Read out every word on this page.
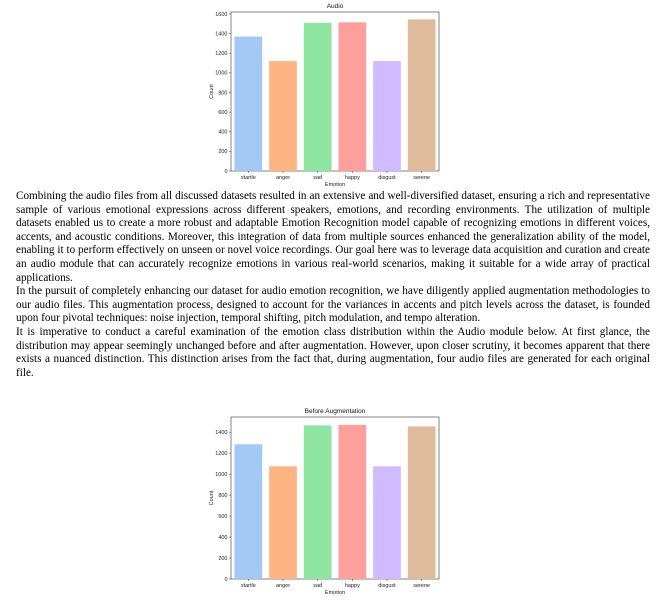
Audio
0
200
400
600
800
1000
1200
1400
1600
startle	anger	sad	happy	disgust	serene
Emotion
Count

Combining the audio files from all discussed datasets resulted in an extensive and well-diversified dataset, ensuring a rich and representative sample of various emotional expressions across different speakers, emotions, and recording environments. The utilization of multiple datasets enabled us to create a more robust and adaptable Emotion Recognition model capable of recognizing emotions in different voices, accents, and acoustic conditions. Moreover, this integration of data from multiple sources enhanced the generalization ability of the model, enabling it to perform effectively on unseen or novel voice recordings. Our goal here was to leverage data acquisition and curation and create an audio module that can accurately recognize emotions in various real-world scenarios, making it suitable for a wide array of practical applications.

In the pursuit of completely enhancing our dataset for audio emotion recognition, we have diligently applied augmentation methodologies to our audio files. This augmentation process, designed to account for the variances in accents and pitch levels across the dataset, is founded upon four pivotal techniques: noise injection, temporal shifting, pitch modulation, and tempo alteration.

It is imperative to conduct a careful examination of the emotion class distribution within the Audio module below. At first glance, the distribution may appear seemingly unchanged before and after augmentation. However, upon closer scrutiny, it becomes apparent that there exists a nuanced distinction. This distinction arises from the fact that, during augmentation, four audio files are generated for each original file.

Before Augmentation
0
200
400
600
800
1000
1200
1400
startle	anger	sad	happy	disgust	serene
Emotion
Count
